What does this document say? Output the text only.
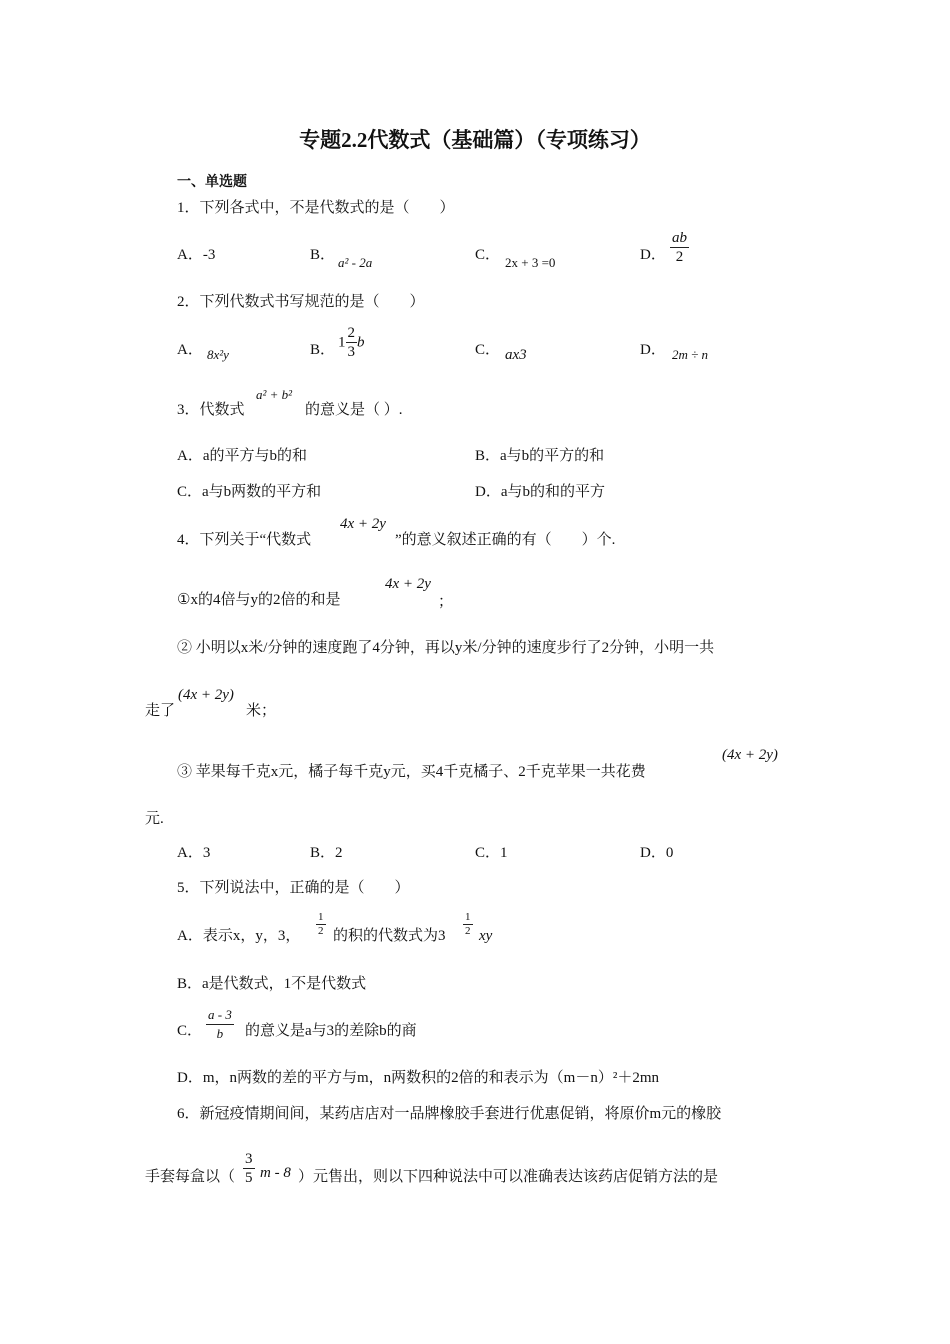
专题2.2代数式（基础篇）（专项练习）
一、单选题
1．下列各式中，不是代数式的是（　　）
A．-3	B． a² - 2a	C． 2x + 3 =0	D． $\frac{ab}{2}$
2．下列代数式书写规范的是（　　）
A． 8x²y	B． $1 \frac{2}{3}$ b	C． ax3	D． 2m ÷ n
3．代数式
a² + b²
的意义是（ ）.
A．a的平方与b的和	B．a与b的平方的和
C．a与b两数的平方和	D．a与b的和的平方
4．下列关于“代数式
4x + 2y
”的意义叙述正确的有（　　）个.
①x的4倍与y的2倍的和是
4x + 2y
；
② 小明以x米/分钟的速度跑了4分钟，再以y米/分钟的速度步行了2分钟，小明一共
走了
(4x + 2y)
米；
③ 苹果每千克x元，橘子每千克y元，买4千克橘子、2千克苹果一共花费
(4x + 2y)
元.
A．3	B．2	C．1	D．0
5．下列说法中，正确的是（　　）
A．表示x，y，3， $\frac{1}{2}$ 的积的代数式为$3 \frac{1}{2}$ xy
B．a是代数式，1不是代数式
C． $\frac{a - 3}{b}$ 的意义是a与3的差除b的商
D．m，n两数的差的平方与m，n两数积的2倍的和表示为（m－n）²＋2mn
6．新冠疫情期间间，某药店店对一品牌橡胶手套进行优惠促销，将原价m元的橡胶
手套每盒以（ $\frac{3}{5}$ m - 8 ）元售出，则以下四种说法中可以准确表达该药店促销方法的是
